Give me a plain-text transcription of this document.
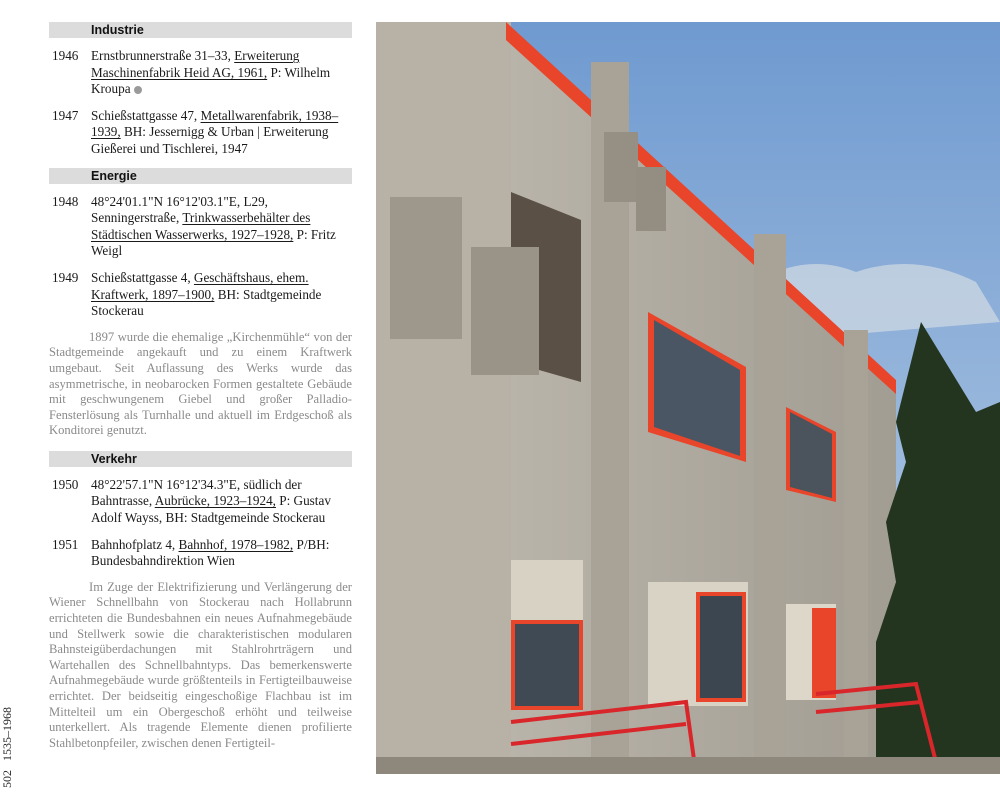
502   1535–1968
Industrie
1946 Ernstbrunnerstraße 31–33, Erweiterung Maschinenfabrik Heid AG, 1961, P: Wilhelm Kroupa
1947 Schießstattgasse 47, Metallwarenfabrik, 1938–1939, BH: Jessernigg & Urban | Erweiterung Gießerei und Tischlerei, 1947
Energie
1948 48°24'01.1"N 16°12'03.1"E, L29, Senningerstraße, Trinkwasserbehälter des Städtischen Wasserwerks, 1927–1928, P: Fritz Weigl
1949 Schießstattgasse 4, Geschäftshaus, ehem. Kraftwerk, 1897–1900, BH: Stadtgemeinde Stockerau

1897 wurde die ehemalige „Kirchenmühle“ von der Stadtgemeinde angekauft und zu einem Kraftwerk umgebaut. Seit Auflassung des Werks wurde das asymmetrische, in neobarocken Formen gestaltete Gebäude mit geschwungenem Giebel und großer Palladio-Fensterlösung als Turnhalle und aktuell im Erdgeschoß als Konditorei genutzt.

Verkehr
1950 48°22'57.1"N 16°12'34.3"E, südlich der Bahntrasse, Aubrücke, 1923–1924, P: Gustav Adolf Wayss, BH: Stadtgemeinde Stockerau
1951 Bahnhofplatz 4, Bahnhof, 1978–1982, P/BH: Bundesbahndirektion Wien

Im Zuge der Elektrifizierung und Verlängerung der Wiener Schnellbahn von Stockerau nach Hollabrunn errichteten die Bundesbahnen ein neues Aufnahmegebäude und Stellwerk sowie die charakteristischen modularen Bahnsteigüberdachungen mit Stahlrohrträgern und Wartehallen des Schnellbahntyps. Das bemerkenswerte Aufnahmegebäude wurde größtenteils in Fertigteilbauweise errichtet. Der beidseitig eingeschoßige Flachbau ist im Mittelteil um ein Obergeschoß erhöht und teilweise unterkellert. Als tragende Elemente dienen profilierte Stahlbetonpfeiler, zwischen denen Fertigteil-
